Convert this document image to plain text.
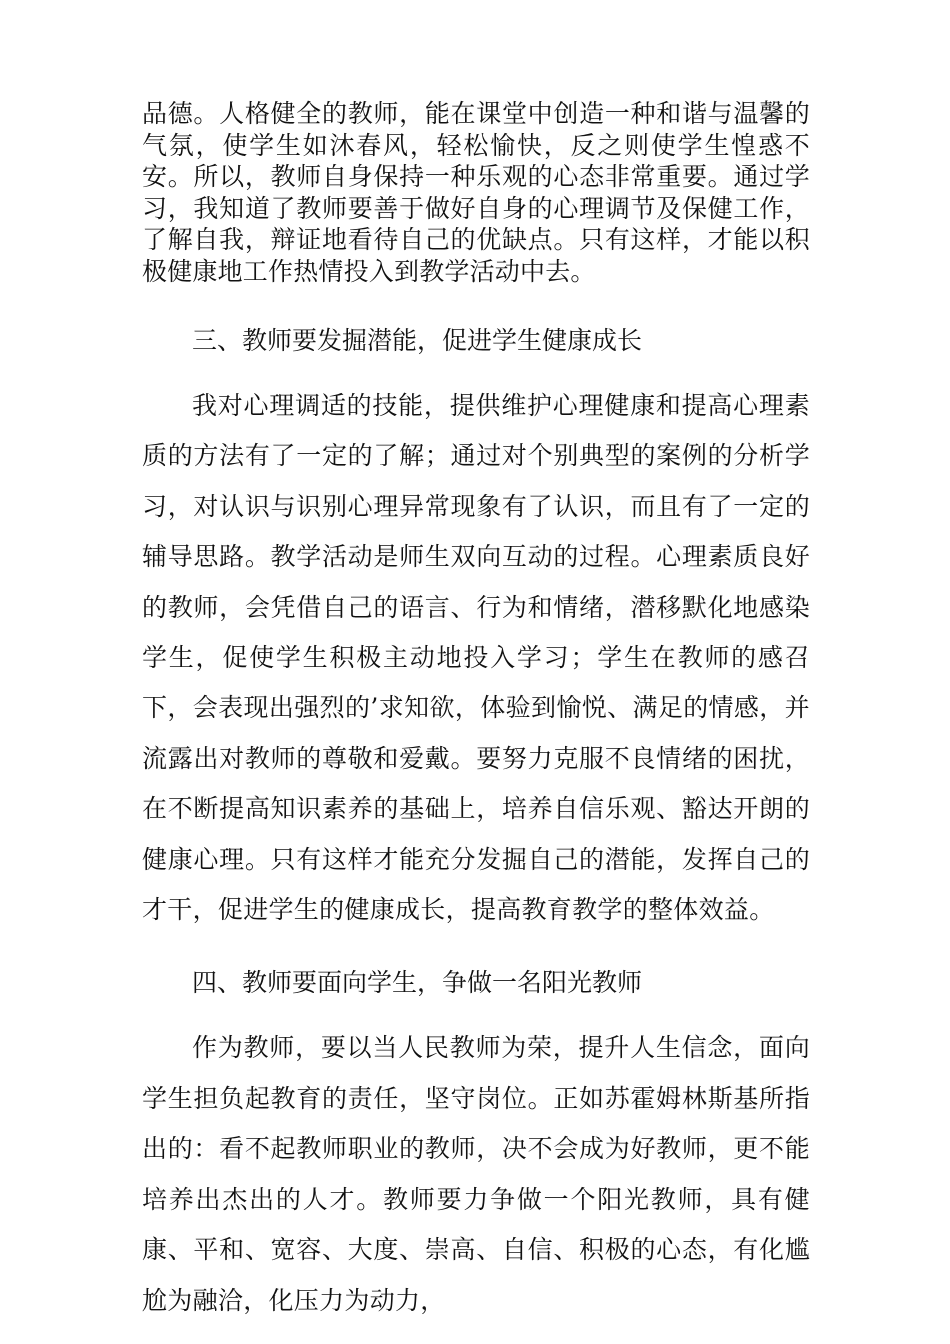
品德。人格健全的教师，能在课堂中创造一种和谐与温馨的气氛，使学生如沐春风，轻松愉快，反之则使学生惶惑不安。所以，教师自身保持一种乐观的心态非常重要。通过学习，我知道了教师要善于做好自身的心理调节及保健工作，了解自我，辩证地看待自己的优缺点。只有这样，才能以积极健康地工作热情投入到教学活动中去。

三、教师要发掘潜能，促进学生健康成长

我对心理调适的技能，提供维护心理健康和提高心理素质的方法有了一定的了解；通过对个别典型的案例的分析学习，对认识与识别心理异常现象有了认识，而且有了一定的辅导思路。教学活动是师生双向互动的过程。心理素质良好的教师，会凭借自己的语言、行为和情绪，潜移默化地感染学生，促使学生积极主动地投入学习；学生在教师的感召下，会表现出强烈的’求知欲，体验到愉悦、满足的情感，并流露出对教师的尊敬和爱戴。要努力克服不良情绪的困扰，在不断提高知识素养的基础上，培养自信乐观、豁达开朗的健康心理。只有这样才能充分发掘自己的潜能，发挥自己的才干，促进学生的健康成长，提高教育教学的整体效益。

四、教师要面向学生，争做一名阳光教师

作为教师，要以当人民教师为荣，提升人生信念，面向学生担负起教育的责任，坚守岗位。正如苏霍姆林斯基所指出的：看不起教师职业的教师，决不会成为好教师，更不能培养出杰出的人才。教师要力争做一个阳光教师，具有健康、平和、宽容、大度、崇高、自信、积极的心态，有化尴尬为融洽，化压力为动力，
